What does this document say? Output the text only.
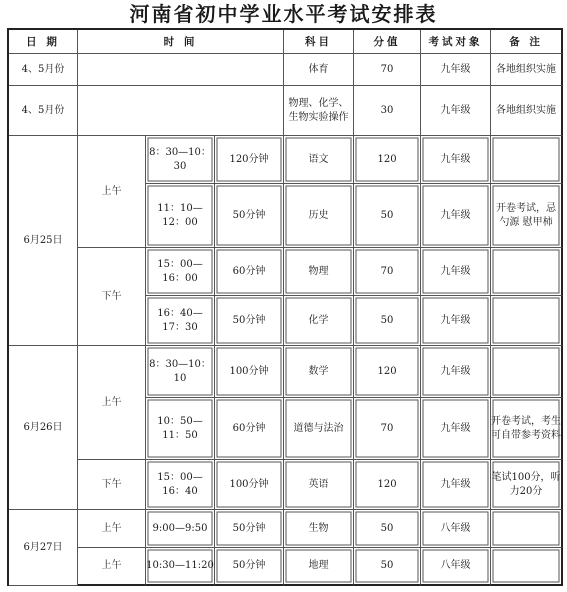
河南省初中学业水平考试安排表
日 期	时 间			科目	分值	考试对象	备 注
4、5月份				体育	70	九年级	各地组织实施
4、5月份				物理、化学、生物实验操作	30	九年级	各地组织实施
6月25日	上午	8：30—10：30	120分钟	语文	120	九年级	
		11：10—12：00	50分钟	历史	50	九年级	开卷考试，忌 勺源 慰甲柿
	下午	15：00—16：00	60分钟	物理	70	九年级	
		16：40—17：30	50分钟	化学	50	九年级	
6月26日	上午	8：30—10：10	100分钟	数学	120	九年级	
		10：50—11：50	60分钟	道德与法治	70	九年级	开卷考试，考生可自带参考资料
	下午	15：00—16：40	100分钟	英语	120	九年级	笔试100分，听力20分
6月27日	上午	9:00—9:50	50分钟	生物	50	八年级	
	上午	10:30—11:20	50分钟	地理	50	八年级	
